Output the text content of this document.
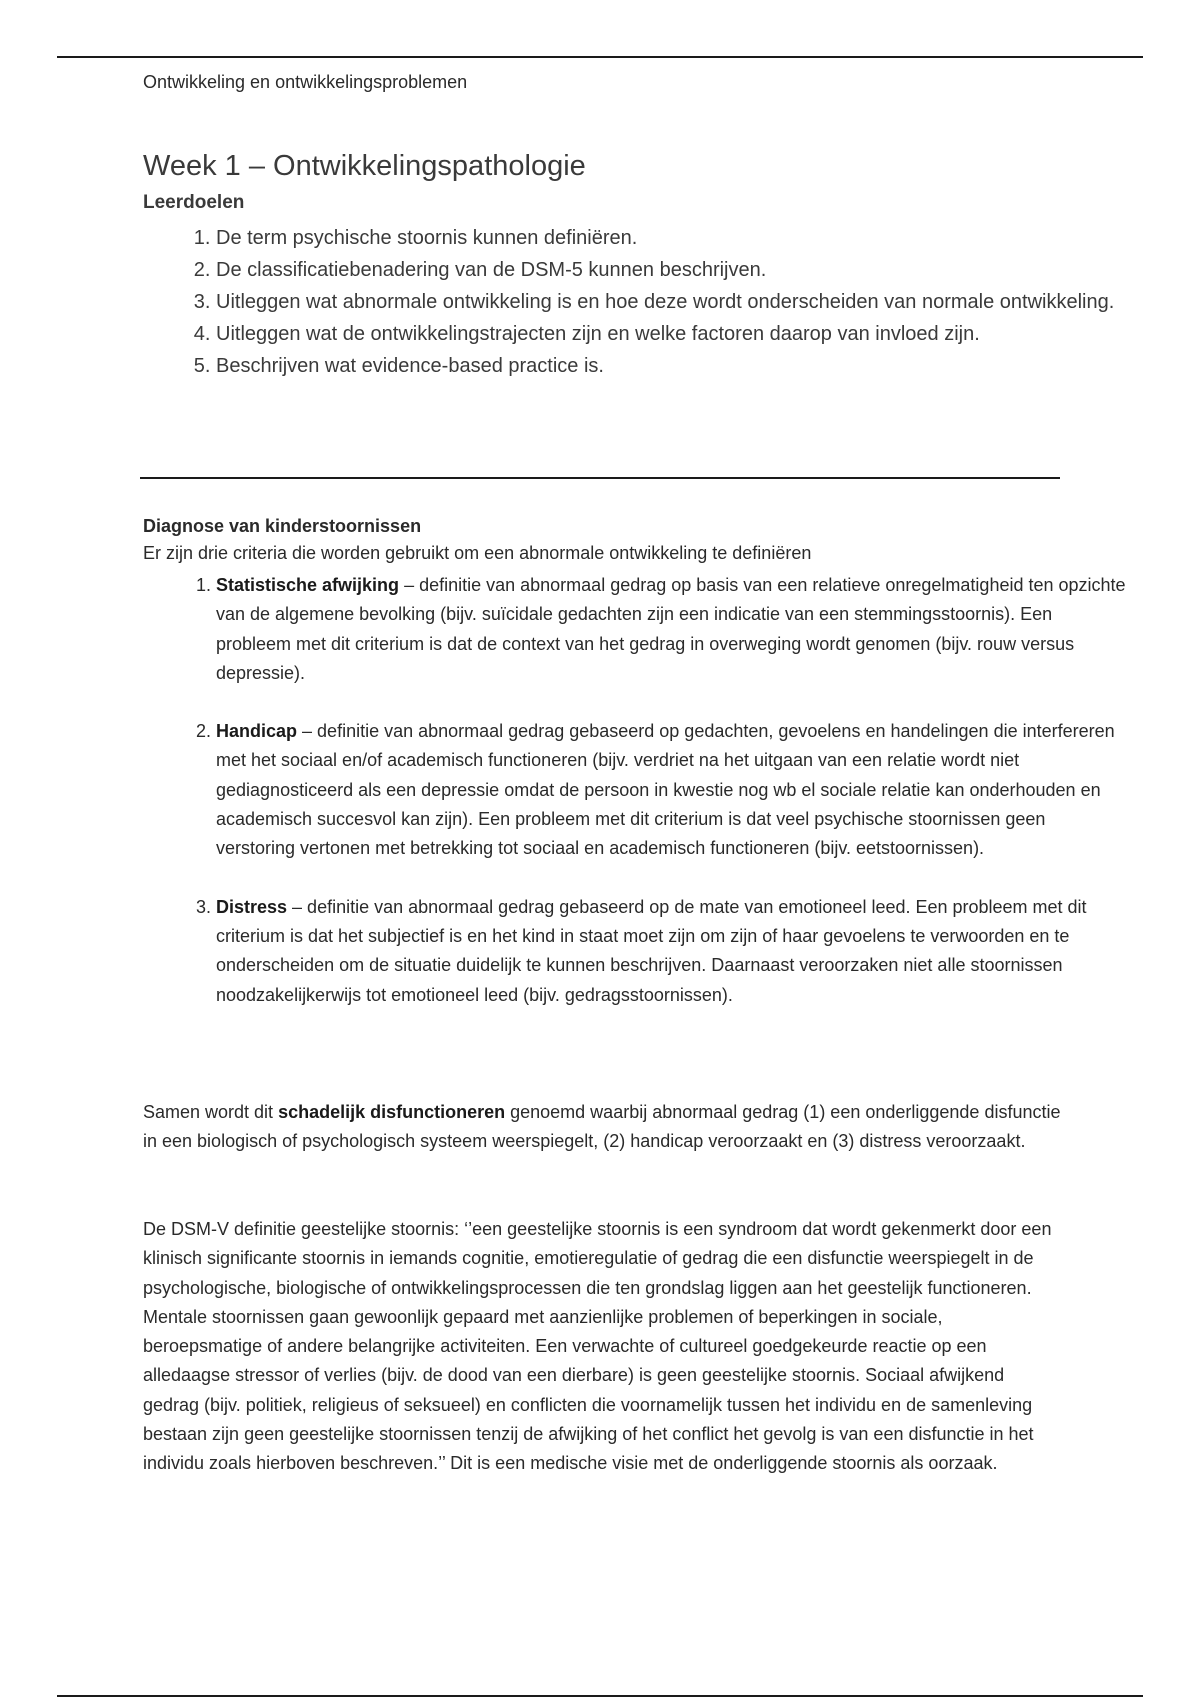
Ontwikkeling en ontwikkelingsproblemen
Week 1 – Ontwikkelingspathologie
Leerdoelen
1. De term psychische stoornis kunnen definiëren.
2. De classificatiebenadering van de DSM-5 kunnen beschrijven.
3. Uitleggen wat abnormale ontwikkeling is en hoe deze wordt onderscheiden van normale ontwikkeling.
4. Uitleggen wat de ontwikkelingstrajecten zijn en welke factoren daarop van invloed zijn.
5. Beschrijven wat evidence-based practice is.
Diagnose van kinderstoornissen
Er zijn drie criteria die worden gebruikt om een abnormale ontwikkeling te definiëren
1. Statistische afwijking – definitie van abnormaal gedrag op basis van een relatieve onregelmatigheid ten opzichte van de algemene bevolking (bijv. suïcidale gedachten zijn een indicatie van een stemmingsstoornis). Een probleem met dit criterium is dat de context van het gedrag in overweging wordt genomen (bijv. rouw versus depressie).
2. Handicap – definitie van abnormaal gedrag gebaseerd op gedachten, gevoelens en handelingen die interfereren met het sociaal en/of academisch functioneren (bijv. verdriet na het uitgaan van een relatie wordt niet gediagnosticeerd als een depressie omdat de persoon in kwestie nog wb el sociale relatie kan onderhouden en academisch succesvol kan zijn). Een probleem met dit criterium is dat veel psychische stoornissen geen verstoring vertonen met betrekking tot sociaal en academisch functioneren (bijv. eetstoornissen).
3. Distress – definitie van abnormaal gedrag gebaseerd op de mate van emotioneel leed. Een probleem met dit criterium is dat het subjectief is en het kind in staat moet zijn om zijn of haar gevoelens te verwoorden en te onderscheiden om de situatie duidelijk te kunnen beschrijven. Daarnaast veroorzaken niet alle stoornissen noodzakelijkerwijs tot emotioneel leed (bijv. gedragsstoornissen).

Samen wordt dit schadelijk disfunctioneren genoemd waarbij abnormaal gedrag (1) een onderliggende disfunctie in een biologisch of psychologisch systeem weerspiegelt, (2) handicap veroorzaakt en (3) distress veroorzaakt.

De DSM-V definitie geestelijke stoornis: ‘’een geestelijke stoornis is een syndroom dat wordt gekenmerkt door een klinisch significante stoornis in iemands cognitie, emotieregulatie of gedrag die een disfunctie weerspiegelt in de psychologische, biologische of ontwikkelingsprocessen die ten grondslag liggen aan het geestelijk functioneren. Mentale stoornissen gaan gewoonlijk gepaard met aanzienlijke problemen of beperkingen in sociale, beroepsmatige of andere belangrijke activiteiten. Een verwachte of cultureel goedgekeurde reactie op een alledaagse stressor of verlies (bijv. de dood van een dierbare) is geen geestelijke stoornis. Sociaal afwijkend gedrag (bijv. politiek, religieus of seksueel) en conflicten die voornamelijk tussen het individu en de samenleving bestaan zijn geen geestelijke stoornissen tenzij de afwijking of het conflict het gevolg is van een disfunctie in het individu zoals hierboven beschreven.’’ Dit is een medische visie met de onderliggende stoornis als oorzaak.
